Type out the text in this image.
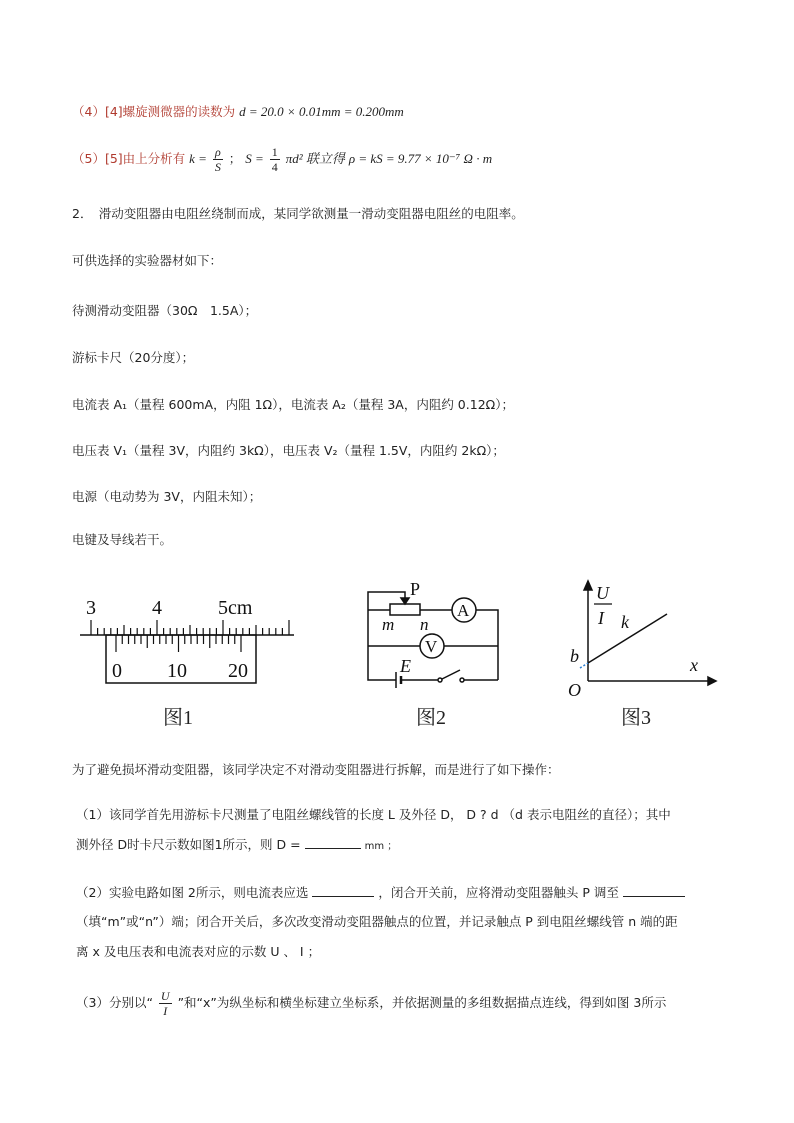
（4）[4]螺旋测微器的读数为 d = 20.0 × 0.01mm = 0.200mm
（5）[5]由上分析有 $k = \frac{\rho}{S}$ ； $S = \frac{1}{4} \pi d^2$ 联立得 ρ = kS = 9.77 × 10⁻⁷ Ω · m
2．　滑动变阻器由电阻丝绕制而成，某同学欲测量一滑动变阻器电阻丝的电阻率。
可供选择的实验器材如下：
待测滑动变阻器（30Ω　1.5A）；
游标卡尺（20分度）；
电流表 A₁（量程 600mA，内阻 1Ω），电流表 A₂（量程 3A，内阻约 0.12Ω）；
电压表 V₁（量程 3V，内阻约 3kΩ），电压表 V₂（量程 1.5V，内阻约 2kΩ）；
电源（电动势为 3V，内阻未知）；
电键及导线若干。
3	4	5cm
0 10 20
图1
P
m n
A
V
E
图2
U
I k
b	x
O
图3
为了避免损坏滑动变阻器，该同学决定不对滑动变阻器进行拆解，而是进行了如下操作：
（1）该同学首先用游标卡尺测量了电阻丝螺线管的长度 L 及外径 D， D ? d （d 表示电阻丝的直径）；其中
测外径 D时卡尺示数如图1所示，则 D =	mm ；
（2）实验电路如图 2所示，则电流表应选	，闭合开关前，应将滑动变阻器触头 P 调至
（填“m”或“n”）端；闭合开关后，多次改变滑动变阻器触点的位置，并记录触点 P 到电阻丝螺线管 n 端的距
离 x 及电压表和电流表对应的示数 U 、 I ；
（3）分别以“ $\frac{U}{I}$ ”和“x”为纵坐标和横坐标建立坐标系，并依据测量的多组数据描点连线，得到如图 3所示
